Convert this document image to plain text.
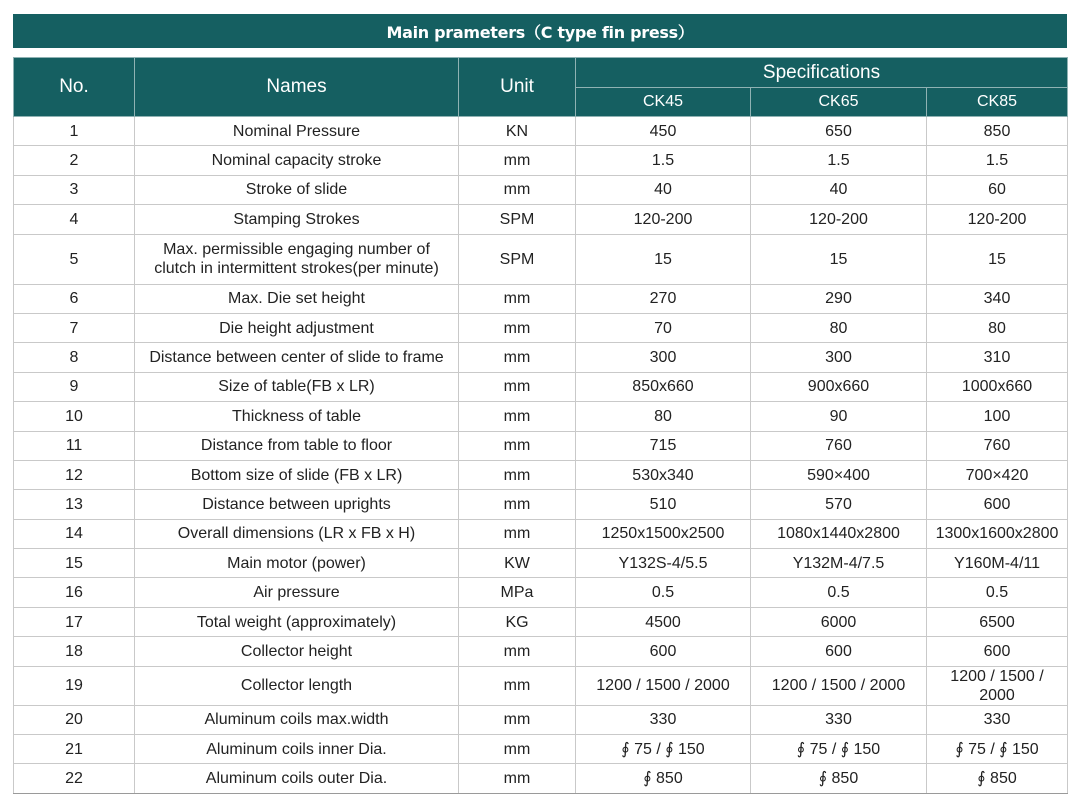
Main prameters（C type fin press）
No.	Names	Unit	Specifications		
			CK45	CK65	CK85
1	Nominal Pressure	KN	450	650	850
2	Nominal capacity stroke	mm	1.5	1.5	1.5
3	Stroke of slide	mm	40	40	60
4	Stamping Strokes	SPM	120-200	120-200	120-200
5	Max. permissible engaging number of clutch in intermittent strokes(per minute)	SPM	15	15	15
6	Max. Die set height	mm	270	290	340
7	Die height adjustment	mm	70	80	80
8	Distance between center of slide to frame	mm	300	300	310
9	Size of table(FB x LR)	mm	850x660	900x660	1000x660
10	Thickness of table	mm	80	90	100
11	Distance from table to floor	mm	715	760	760
12	Bottom size of slide (FB x LR)	mm	530x340	590×400	700×420
13	Distance between uprights	mm	510	570	600
14	Overall dimensions (LR x FB x H)	mm	1250x1500x2500	1080x1440x2800	1300x1600x2800
15	Main motor (power)	KW	Y132S-4/5.5	Y132M-4/7.5	Y160M-4/11
16	Air pressure	MPa	0.5	0.5	0.5
17	Total weight (approximately)	KG	4500	6000	6500
18	Collector height	mm	600	600	600
19	Collector length	mm	1200 / 1500 / 2000	1200 / 1500 / 2000	1200 / 1500 / 2000
20	Aluminum coils max.width	mm	330	330	330
21	Aluminum coils inner Dia.	mm	∮ 75 / ∮ 150	∮ 75 / ∮ 150	∮ 75 / ∮ 150
22	Aluminum coils outer Dia.	mm	∮ 850	∮ 850	∮ 850
